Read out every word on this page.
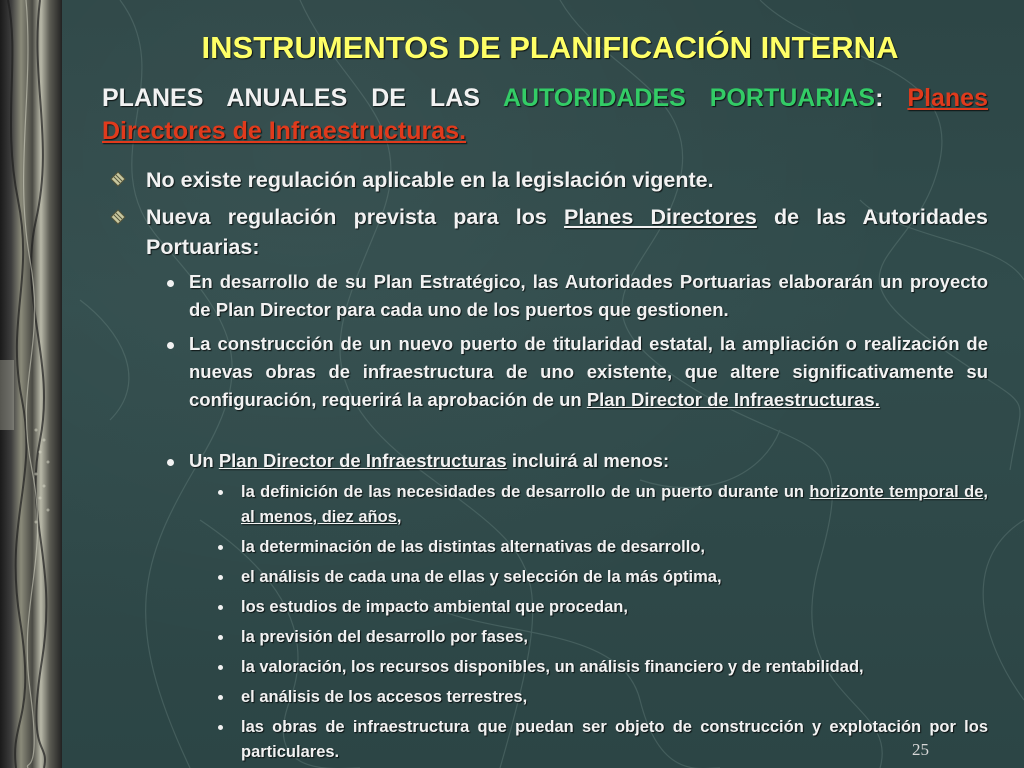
INSTRUMENTOS DE PLANIFICACIÓN INTERNA

PLANES ANUALES DE LAS AUTORIDADES PORTUARIAS: Planes Directores de Infraestructuras.

No existe regulación aplicable en la legislación vigente.

Nueva regulación prevista para los Planes Directores de las Autoridades Portuarias:

En desarrollo de su Plan Estratégico, las Autoridades Portuarias elaborarán un proyecto de Plan Director para cada uno de los puertos que gestionen.

La construcción de un nuevo puerto de titularidad estatal, la ampliación o realización de nuevas obras de infraestructura de uno existente, que altere significativamente su configuración, requerirá la aprobación de un Plan Director de Infraestructuras.

Un Plan Director de Infraestructuras incluirá al menos:

la definición de las necesidades de desarrollo de un puerto durante un horizonte temporal de, al menos, diez años,

la determinación de las distintas alternativas de desarrollo,

el análisis de cada una de ellas y selección de la más óptima,

los estudios de impacto ambiental que procedan,

la previsión del desarrollo por fases,

la valoración, los recursos disponibles, un análisis financiero y de rentabilidad,

el análisis de los accesos terrestres,

las obras de infraestructura que puedan ser objeto de construcción y explotación por los particulares.	25
